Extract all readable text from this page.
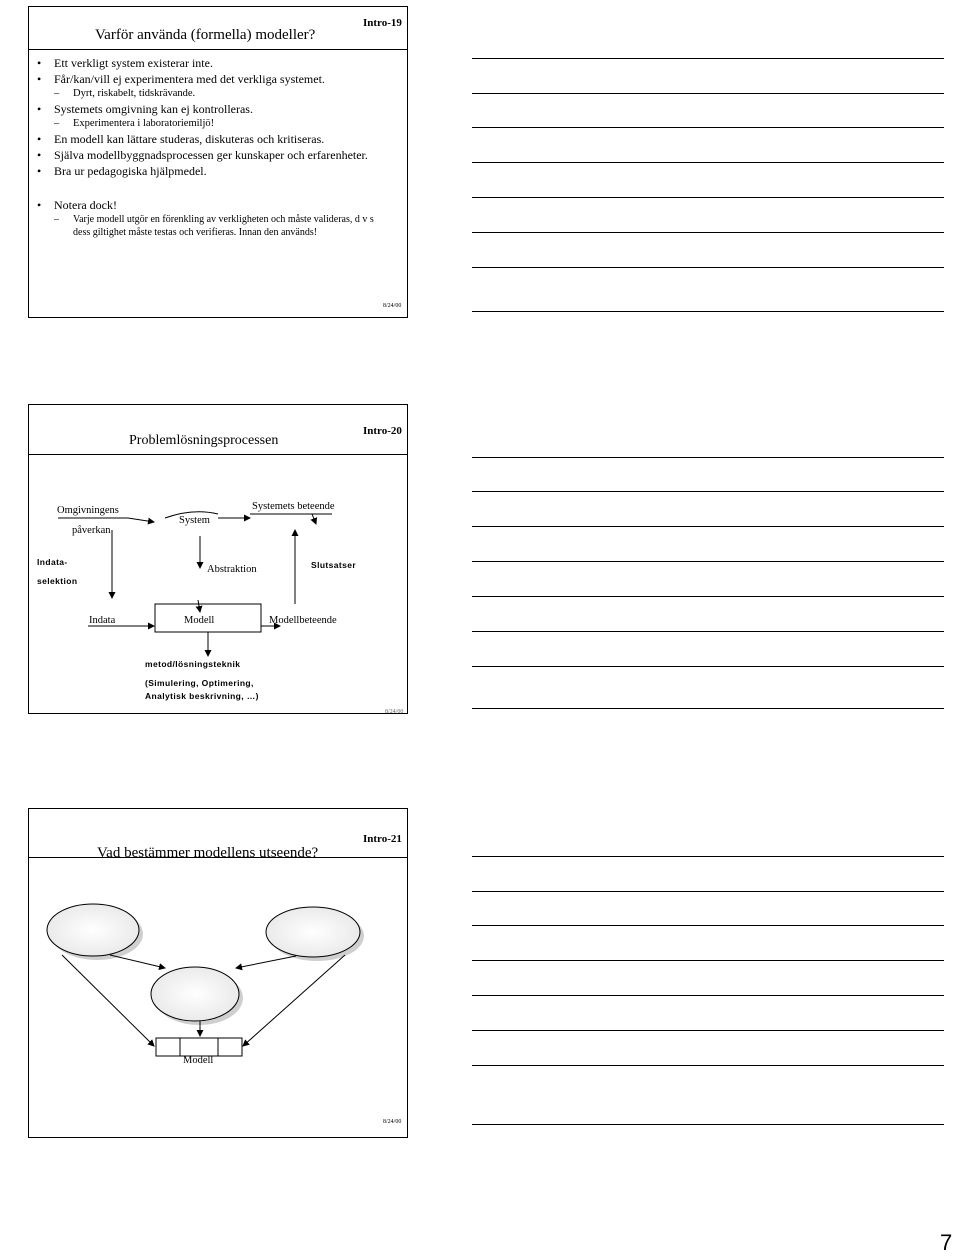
Varför använda (formella) modeller?
Intro-19
• Ett verkligt system existerar inte.
• Får/kan/vill ej experimentera med det verkliga systemet.
– Dyrt, riskabelt, tidskrävande.
• Systemets omgivning kan ej kontrolleras.
– Experimentera i laboratoriemiljö!
• En modell kan lättare studeras, diskuteras och kritiseras.
• Själva modellbyggnadsprocessen ger kunskaper och erfarenheter.
• Bra ur pedagogiska hjälpmedel.
• Notera dock!
– Varje modell utgör en förenkling av verkligheten och måste valideras, d v s dess giltighet måste testas och verifieras. Innan den används!
8/24/00
Problemlösningsprocessen
Intro-20
Omgivningens
påverkan
System
Systemets beteende
Indata-
selektion
Abstraktion	Slutsatser
Indata	Modell	Modellbeteende
metod/lösningsteknik
(Simulering, Optimering,
Analytisk beskrivning, …)
8/24/00
Vad bestämmer modellens utseende?
Intro-21
Modell
8/24/00
7
